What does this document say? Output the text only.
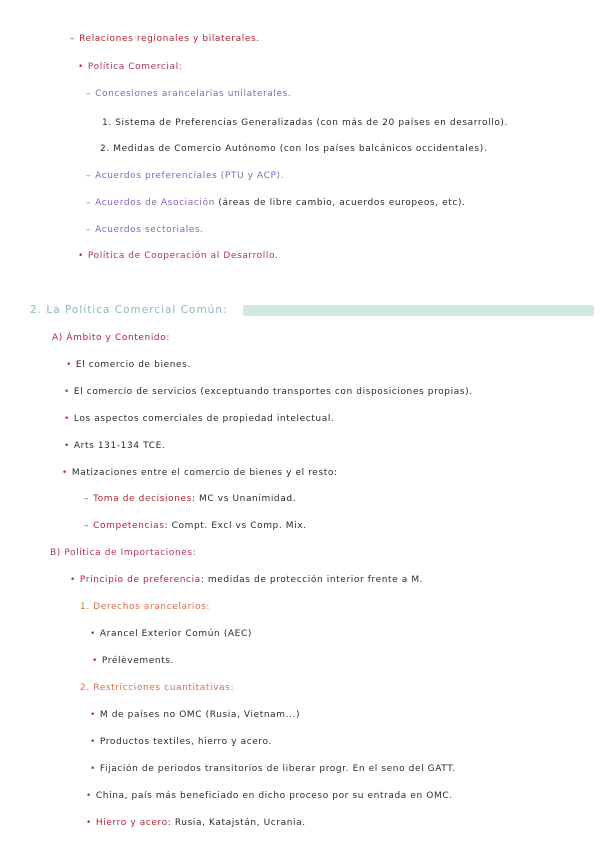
– Relaciones regionales y bilaterales.
• Política Comercial:
– Concesiones arancelarias unilaterales.
1. Sistema de Preferencias Generalizadas (con más de 20 países en desarrollo).
2. Medidas de Comercio Autónomo (con los países balcánicos occidentales).
– Acuerdos preferenciales (PTU y ACP).
– Acuerdos de Asociación (áreas de libre cambio, acuerdos europeos, etc).
– Acuerdos sectoriales.
• Política de Cooperación al Desarrollo.
2. La Política Comercial Común:
A) Ámbito y Contenido:
• El comercio de bienes.
• El comercio de servicios (exceptuando transportes con disposiciones propias).
• Los aspectos comerciales de propiedad intelectual.
• Arts 131-134 TCE.
• Matizaciones entre el comercio de bienes y el resto:
– Toma de decisiones: MC vs Unanimidad.
– Competencias: Compt. Excl vs Comp. Mix.
B) Política de Importaciones:
• Principio de preferencia: medidas de protección interior frente a M.
1. Derechos arancelarios:
• Arancel Exterior Común (AEC)
• Prélèvements.
2. Restricciones cuantitativas:
• M de países no OMC (Rusia, Vietnam...)
• Productos textiles, hierro y acero.
• Fijación de periodos transitorios de liberar progr. En el seno del GATT.
• China, país más beneficiado en dicho proceso por su entrada en OMC.
• Hierro y acero: Rusia, Katajstán, Ucrania.
